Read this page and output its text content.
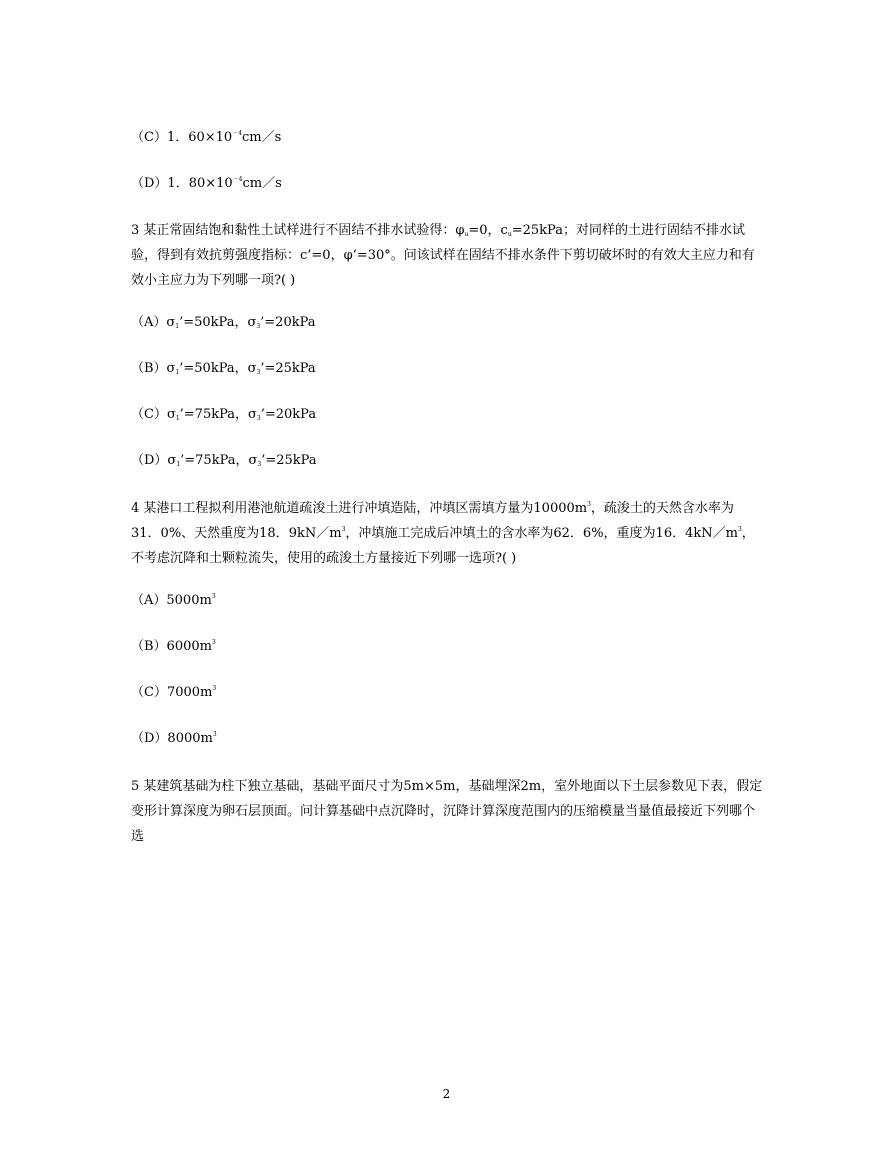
（C）1．$60\times 10^{-4}cm/s$
（D）1．$80\times 10^{-4}cm/s$
3 某正常固结饱和黏性土试样进行不固结不排水试验得：$\varphi_u=0$，$c_u=25kPa$；对同样的土进行固结不排水试验，得到有效抗剪强度指标：c’=0，φ‘=30°。问该试样在固结不排水条件下剪切破坏时的有效大主应力和有效小主应力为下列哪一项?( )
$(A)\sigma_1’=50kPa$，$\sigma_3’=20kPa$
$(B)\sigma_1’=50kPa$，$\sigma_3’=25kPa$
$(C)\sigma_1’=75kPa$，$\sigma_3’=20kPa$
$(D)\sigma_1’=75kPa$，$\sigma_3’=25kPa$
4 某港口工程拟利用港池航道疏浚土进行冲填造陆，冲填区需填方量为$10000m^3$，疏浚土的天然含水率为31．0%、天然重度为18．$9kN/m^3$，冲填施工完成后冲填土的含水率为62．6%，重度为16．$4kN/m^3$，不考虑沉降和土颗粒流失，使用的疏浚土方量接近下列哪一选项?( )
$(A)5000m^3$
$(B)6000m^3$
$(C)7000m^3$
$(D)8000m^3$
5 某建筑基础为柱下独立基础，基础平面尺寸为5m×5m，基础埋深2m，室外地面以下土层参数见下表，假定变形计算深度为卵石层顶面。问计算基础中点沉降时，沉降计算深度范围内的压缩模量当量值最接近下列哪个选
2
